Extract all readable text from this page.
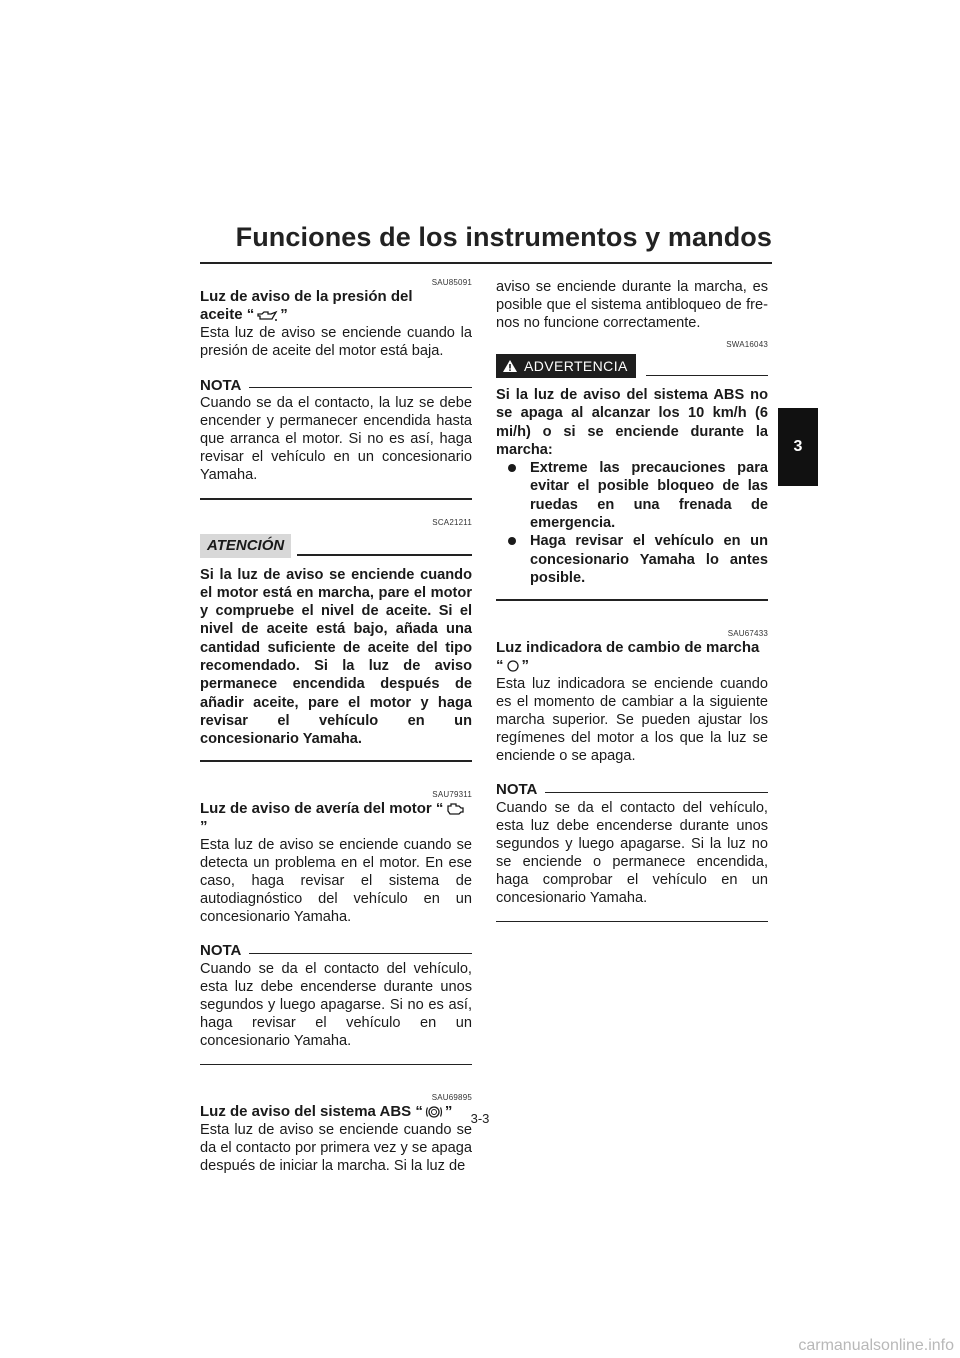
Funciones de los instrumentos y mandos
3
SAU85091
Luz de aviso de la presión del
aceite “ ”

Esta luz de aviso se enciende cuando la presión de aceite del motor está baja.

NOTA

Cuando se da el contacto, la luz se debe encender y permanecer encendida hasta que arranca el motor. Si no es así, haga revisar el vehículo en un concesionario Yamaha.

SCA21211
ATENCIÓN

Si la luz de aviso se enciende cuando el motor está en marcha, pare el motor y compruebe el nivel de aceite. Si el nivel de aceite está bajo, añada una cantidad suficiente de aceite del tipo recomendado. Si la luz de aviso permanece encendida después de añadir aceite, pare el motor y haga revisar el vehículo en un concesionario Yamaha.

SAU79311
Luz de aviso de avería del motor “”

Esta luz de aviso se enciende cuando se detecta un problema en el motor. En ese caso, haga revisar el sistema de autodiagnóstico del vehículo en un concesionario Yamaha.

NOTA

Cuando se da el contacto del vehículo, esta luz debe encenderse durante unos segundos y luego apagarse. Si no es así, haga revisar el vehículo en un concesionario Yamaha.

SAU69895
Luz de aviso del sistema ABS “ ”

Esta luz de aviso se enciende cuando se da el contacto por primera vez y se apaga después de iniciar la marcha. Si la luz de

aviso se enciende durante la marcha, es posible que el sistema antibloqueo de frenos no funcione correctamente.

SWA16043
ADVERTENCIA

Si la luz de aviso del sistema ABS no se apaga al alcanzar los 10 km/h (6 mi/h) o si se enciende durante la marcha:

Extreme las precauciones para evitar el posible bloqueo de las ruedas en una frenada de emergencia.
Haga revisar el vehículo en un concesionario Yamaha lo antes posible.
SAU67433
Luz indicadora de cambio de marcha
“ ”

Esta luz indicadora se enciende cuando es el momento de cambiar a la siguiente marcha superior. Se pueden ajustar los regímenes del motor a los que la luz se enciende o se apaga.

NOTA

Cuando se da el contacto del vehículo, esta luz debe encenderse durante unos segundos y luego apagarse. Si la luz no se enciende o permanece encendida, haga comprobar el vehículo en un concesionario Yamaha.

3-3
carmanualsonline.info
